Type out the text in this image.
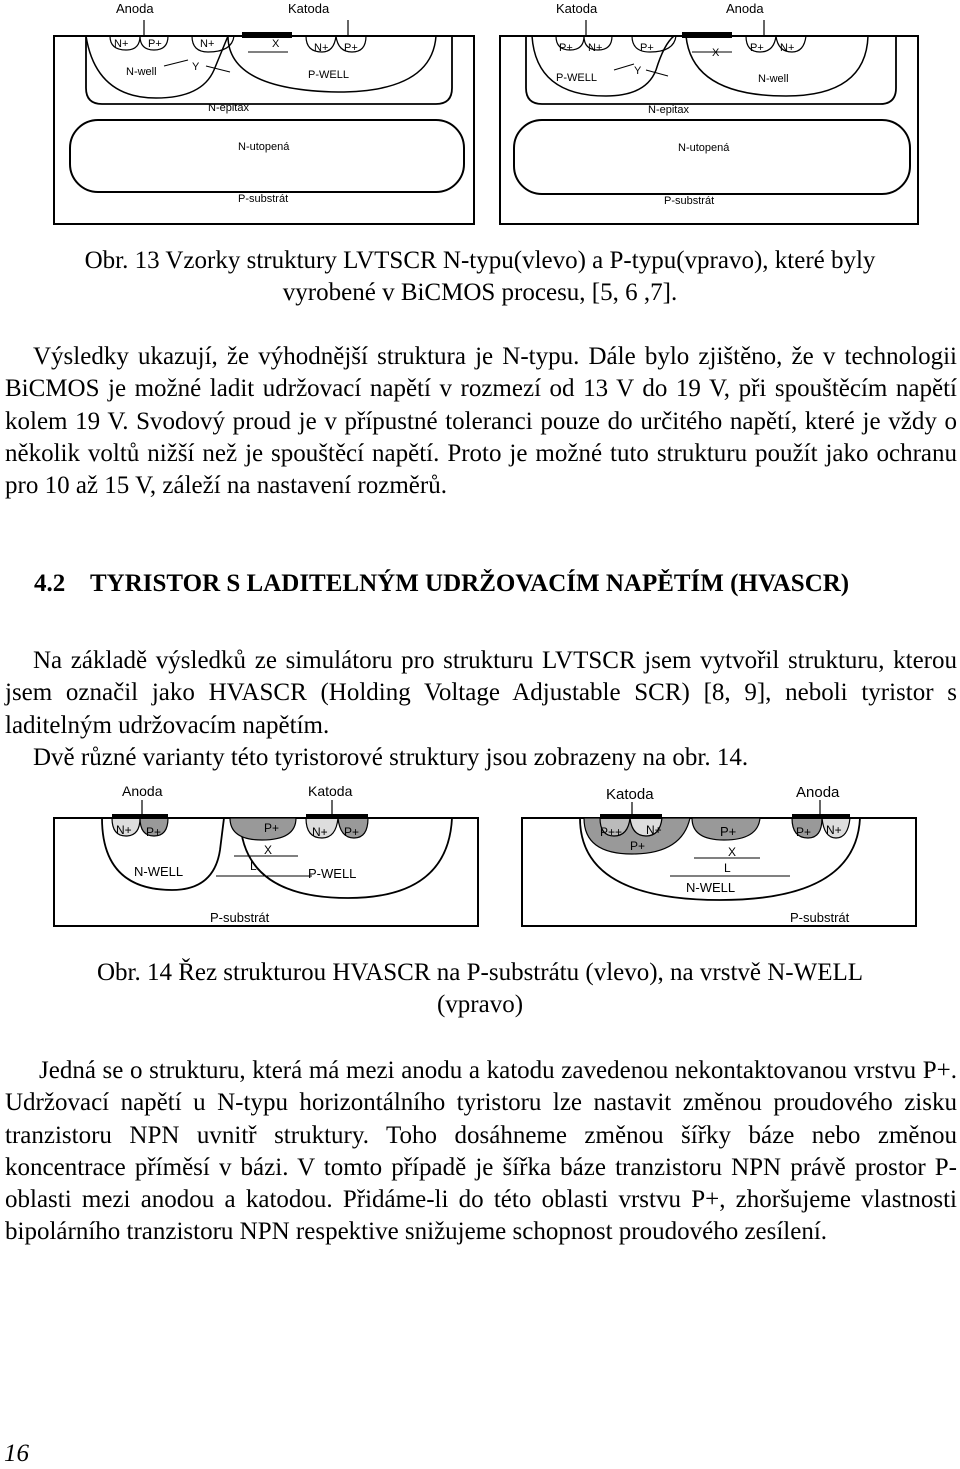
Anoda	Katoda
N+ P+	N+	X	N+ P+
N-well	Y
P-WELL
N-epitax
N-utopená
P-substrát
Katoda	Anoda
P+ N+	P+	X	P+ N+
P-WELL
Y
N-well
N-epitax
N-utopená
P-substrát
Obr. 13 Vzorky struktury LVTSCR N-typu(vlevo) a P-typu(vpravo), které byly
vyrobené v BiCMOS procesu, [5, 6 ,7].
Výsledky ukazují, že výhodnější struktura je N-typu. Dále bylo zjištěno, že v technologii BiCMOS je možné ladit udržovací napětí v rozmezí od 13 V do 19 V, při spouštěcím napětí kolem 19 V. Svodový proud je v přípustné toleranci pouze do určitého napětí, které je vždy o několik voltů nižší než je spouštěcí napětí. Proto je možné tuto strukturu použít jako ochranu pro 10 až 15 V, záleží na nastavení rozměrů.
4.2 TYRISTOR S LADITELNÝM UDRŽOVACÍM NAPĚTÍM (HVASCR)
Na základě výsledků ze simulátoru pro strukturu LVTSCR jsem vytvořil strukturu, kterou jsem označil jako HVASCR (Holding Voltage Adjustable SCR) [8, 9], neboli tyristor s laditelným udržovacím napětím.
Dvě různé varianty této tyristorové struktury jsou zobrazeny na obr. 14.
Anoda	Katoda
N+ P+	P+
X
L
N+ P+
N-WELL	P-WELL
P-substrát
Katoda	Anoda
P++ N+
P+
P+
X
L
P+ N+
N-WELL
P-substrát
Obr. 14 Řez strukturou HVASCR na P-substrátu (vlevo), na vrstvě N-WELL
(vpravo)
Jedná se o strukturu, která má mezi anodu a katodu zavedenou nekontaktovanou vrstvu P+. Udržovací napětí u N-typu horizontálního tyristoru lze nastavit změnou proudového zisku tranzistoru NPN uvnitř struktury. Toho dosáhneme změnou šířky báze nebo změnou koncentrace příměsí v bázi. V tomto případě je šířka báze tranzistoru NPN právě prostor P-oblasti mezi anodou a katodou. Přidáme-li do této oblasti vrstvu P+, zhoršujeme vlastnosti bipolárního tranzistoru NPN respektive snižujeme schopnost proudového zesílení.
16
